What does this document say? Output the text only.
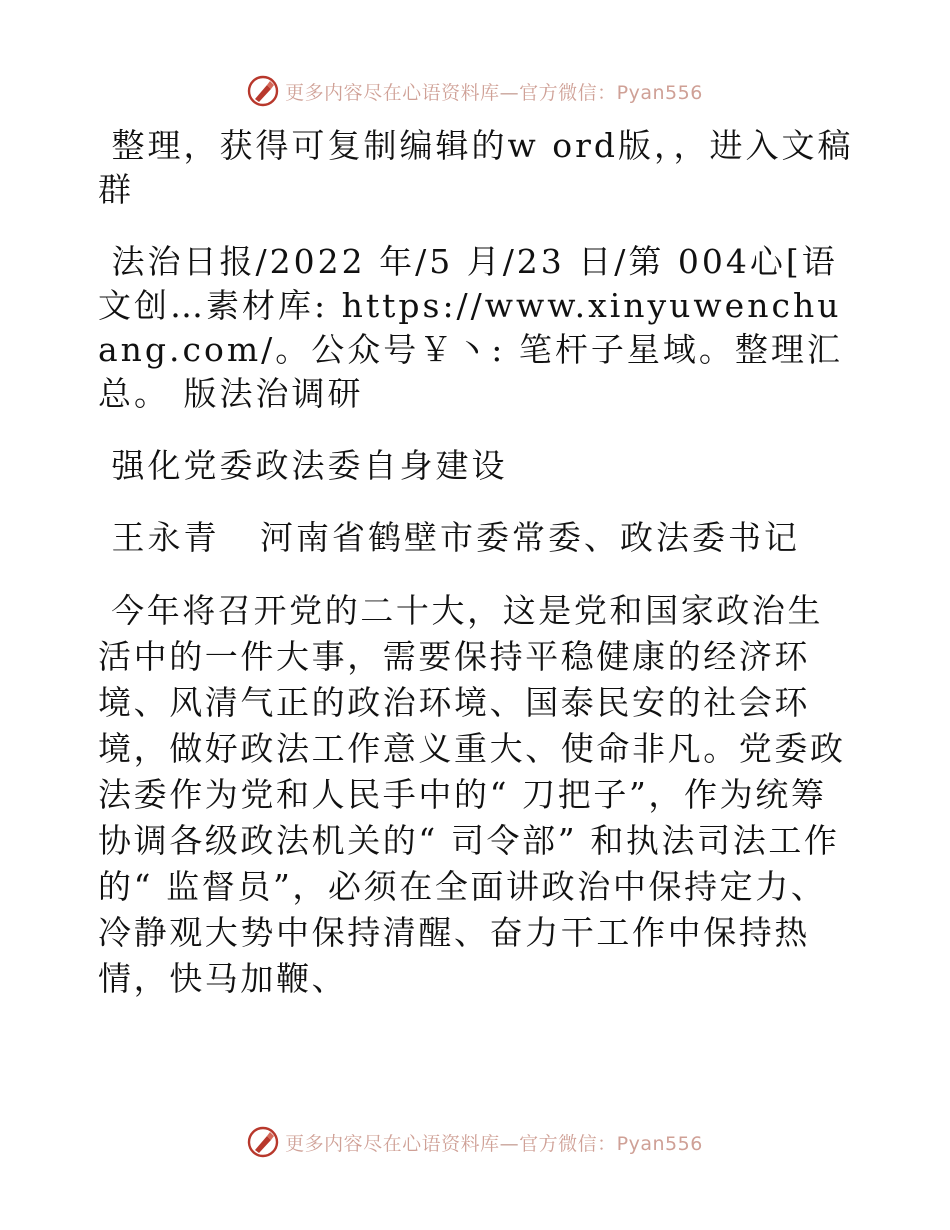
更多内容尽在心语资料库—官方微信：Pyan556

整理，获得可复制编辑的w ord版，，进入文稿群

法治日报/2022 年/5 月/23 日/第 004心[语文创…素材库: https://www.xinyuwenchuang.com/。公众号￥丶: 笔杆子星域。整理汇总。 版法治调研

强化党委政法委自身建设

王永青   河南省鹤壁市委常委、政法委书记

今年将召开党的二十大，这是党和国家政治生活中的一件大事，需要保持平稳健康的经济环境、风清气正的政治环境、国泰民安的社会环境，做好政法工作意义重大、使命非凡。党委政法委作为党和人民手中的“ 刀把子”，作为统筹协调各级政法机关的“ 司令部” 和执法司法工作的“ 监督员”，必须在全面讲政治中保持定力、冷静观大势中保持清醒、奋力干工作中保持热情，快马加鞭、

更多内容尽在心语资料库—官方微信：Pyan556
